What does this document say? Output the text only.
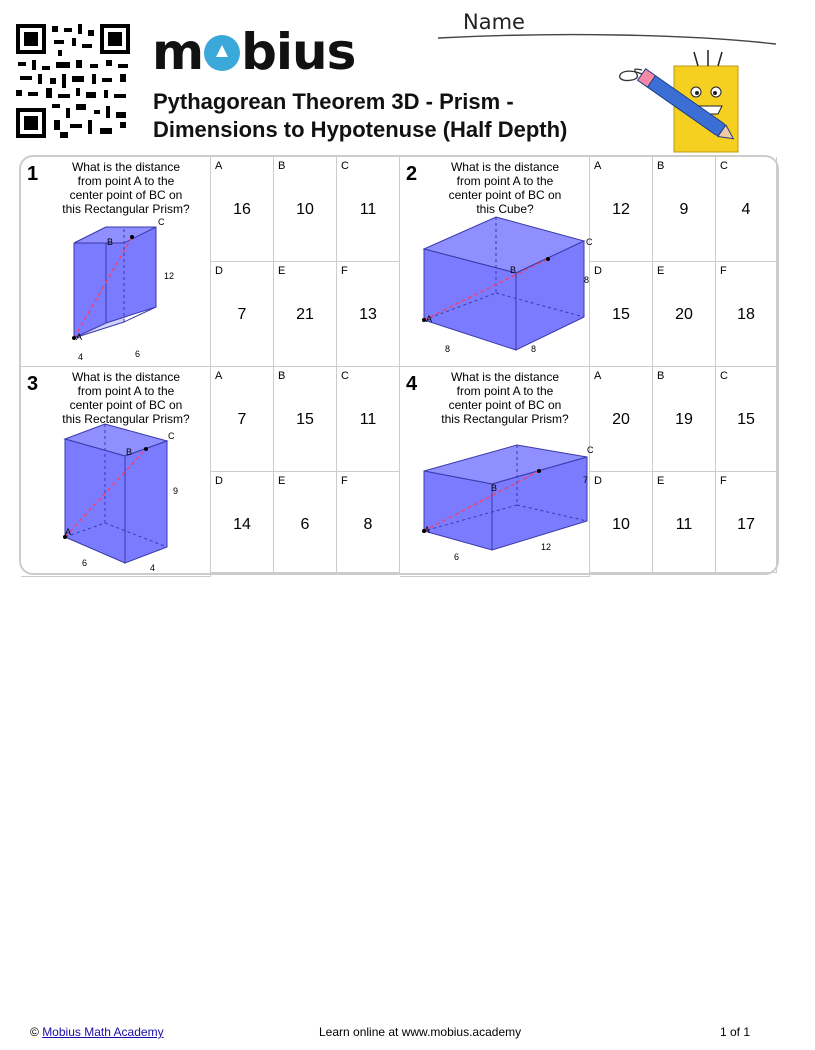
m bius
Pythagorean Theorem 3D - Prism -
Dimensions to Hypotenuse (Half Depth)
Name
1	What is the distance
from point A to the
center point of BC on
this Rectangular Prism?
A
B
C
12
4	6
A
16
B
10
C
11
D
7
E
21
F
13
2	What is the distance
from point A to the
center point of BC on
this Cube?
A
B
C
8
8	8
A
12
B
9
C
4
D
15
E
20
F
18
3	What is the distance
from point A to the
center point of BC on
this Rectangular Prism?
A
B
C
9
6	4
A
7
B
15
C
11
D
14
E
6
F
8
4	What is the distance
from point A to the
center point of BC on
this Rectangular Prism?
A
B
C
7
6
12
A
20
B
19
C
15
D
10
E
11
F
17
© Mobius Math Academy	Learn online at www.mobius.academy	1 of 1
